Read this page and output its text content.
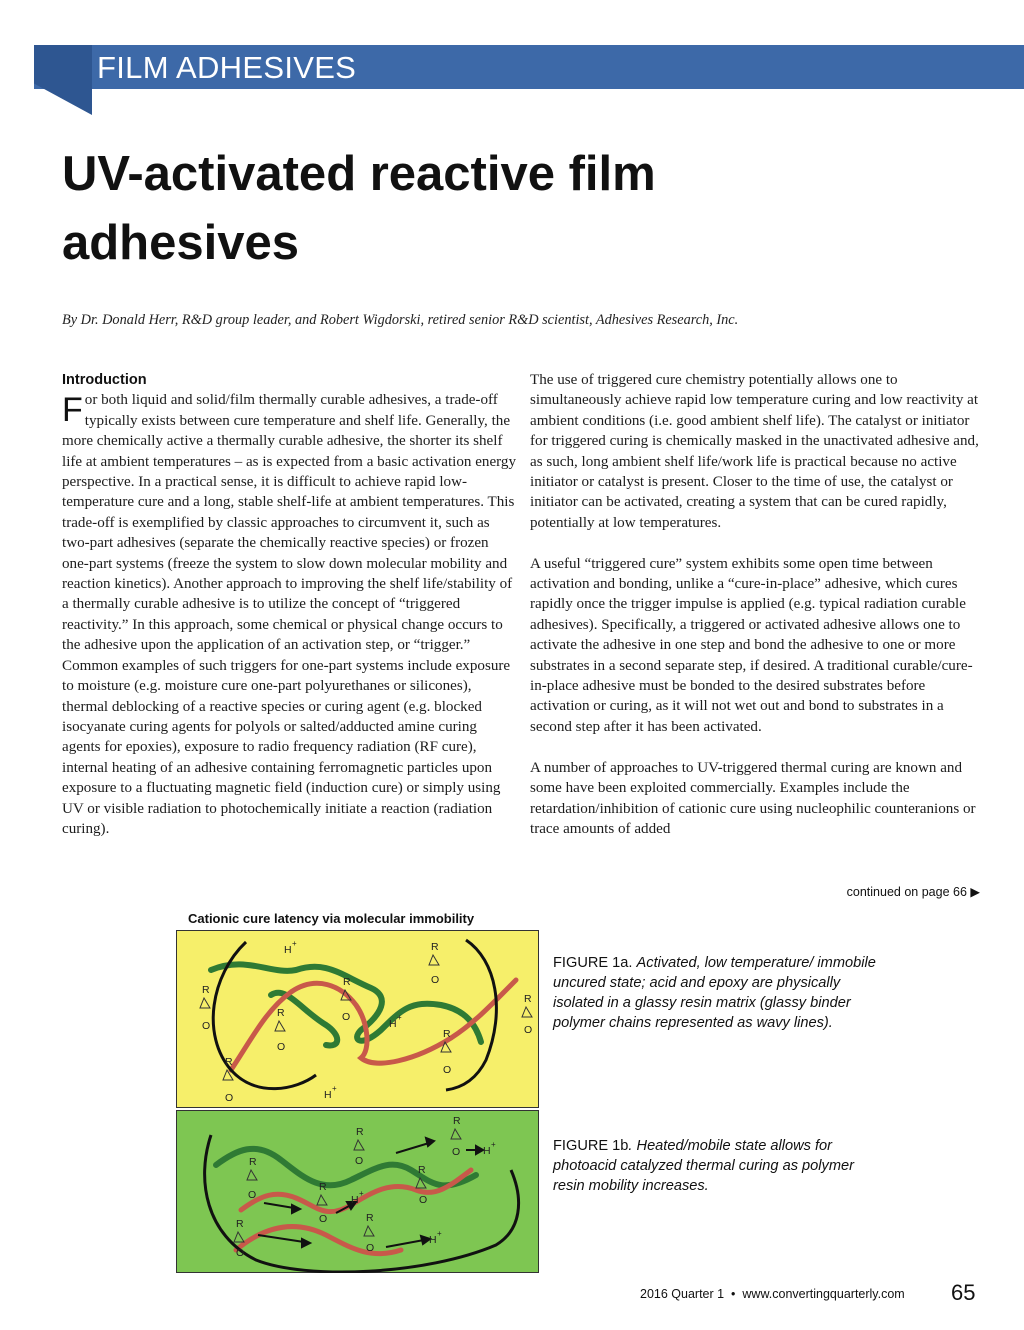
FILM ADHESIVES
UV-activated reactive film adhesives
By Dr. Donald Herr, R&D group leader, and Robert Wigdorski, retired senior R&D scientist, Adhesives Research, Inc.
Introduction

For both liquid and solid/film thermally curable adhesives, a trade-off typically exists between cure temperature and shelf life. Generally, the more chemically active a thermally curable adhesive, the shorter its shelf life at ambient temperatures – as is expected from a basic activation energy perspective. In a practical sense, it is difficult to achieve rapid low-temperature cure and a long, stable shelf-life at ambient temperatures. This trade-off is exemplified by classic approaches to circumvent it, such as two-part adhesives (separate the chemically reactive species) or frozen one-part systems (freeze the system to slow down molecular mobility and reaction kinetics). Another approach to improving the shelf life/stability of a thermally curable adhesive is to utilize the concept of “triggered reactivity.” In this approach, some chemical or physical change occurs to the adhesive upon the application of an activation step, or “trigger.” Common examples of such triggers for one-part systems include exposure to moisture (e.g. moisture cure one-part polyurethanes or silicones), thermal deblocking of a reactive species or curing agent (e.g. blocked isocyanate curing agents for polyols or salted/adducted amine curing agents for epoxies), exposure to radio frequency radiation (RF cure), internal heating of an adhesive containing ferromagnetic particles upon exposure to a fluctuating magnetic field (induction cure) or simply using UV or visible radiation to photochemically initiate a reaction (radiation curing).

The use of triggered cure chemistry potentially allows one to simultaneously achieve rapid low temperature curing and low reactivity at ambient conditions (i.e. good ambient shelf life). The catalyst or initiator for triggered curing is chemically masked in the unactivated adhesive and, as such, long ambient shelf life/work life is practical because no active initiator or catalyst is present. Closer to the time of use, the catalyst or initiator can be activated, creating a system that can be cured rapidly, potentially at low temperatures.

A useful “triggered cure” system exhibits some open time between activation and bonding, unlike a “cure-in-place” adhesive, which cures rapidly once the trigger impulse is applied (e.g. typical radiation curable adhesives). Specifically, a triggered or activated adhesive allows one to activate the adhesive in one step and bond the adhesive to one or more substrates in a second separate step, if desired. A traditional curable/cure-in-place adhesive must be bonded to the desired substrates before activation or curing, as it will not wet out and bond to substrates in a second step after it has been activated.

A number of approaches to UV-triggered thermal curing are known and some have been exploited commercially. Examples include the retardation/inhibition of cationic cure using nucleophilic counteranions or trace amounts of added

continued on page 66 ▶
Cationic cure latency via molecular immobility
R
O
R
O
R
O
R
O
R
O
R
O
R
O
H
+
H
+
H
+
R
O
R
O
R
O
R
O
R
O
R
O
R
O
H
+
H
+
H
+
FIGURE 1a. Activated, low temperature/ immobile uncured state; acid and epoxy are physically isolated in a glassy resin matrix (glassy binder polymer chains represented as wavy lines).
FIGURE 1b. Heated/mobile state allows for photoacid catalyzed thermal curing as polymer resin mobility increases.
2016 Quarter 1 • www.convertingquarterly.com	65
